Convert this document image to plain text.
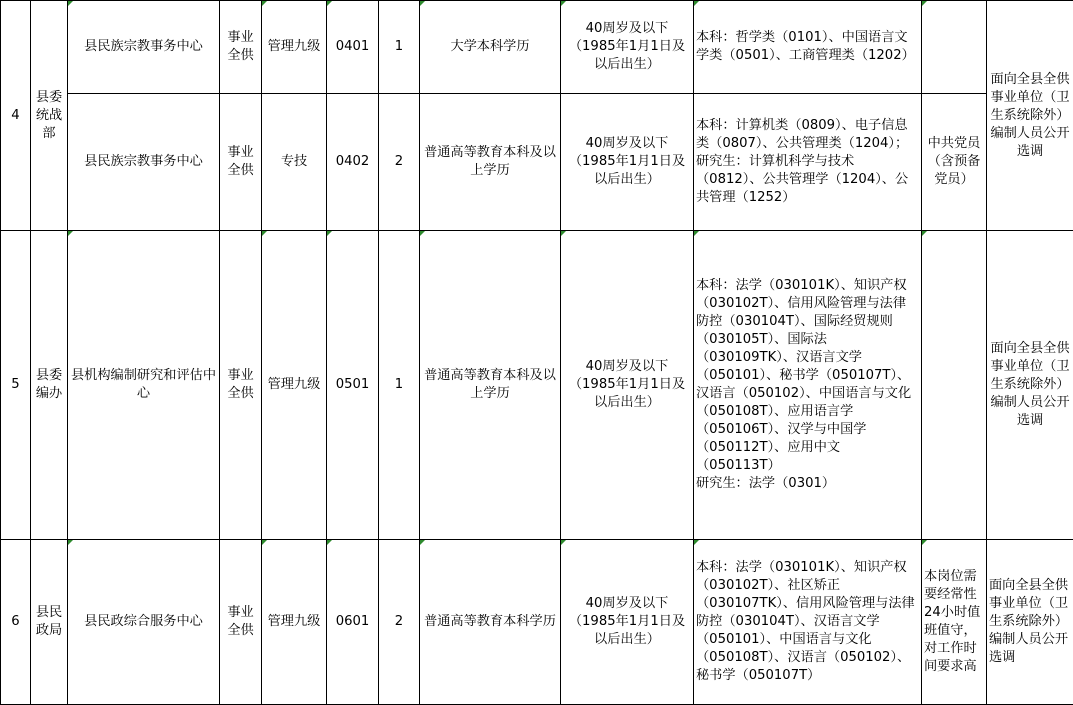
4	县委统战部	县民族宗教事务中心	事业全供	管理九级	0401	1	大学本科学历	40周岁及以下（1985年1月1日及以后出生）	本科：哲学类（0101）、中国语言文学类（0501）、工商管理类（1202）		面向全县全供事业单位（卫生系统除外）编制人员公开选调
		县民族宗教事务中心	事业全供	专技	0402	2	普通高等教育本科及以上学历	40周岁及以下（1985年1月1日及以后出生）	本科：计算机类（0809）、电子信息类（0807）、公共管理类（1204）；
研究生：计算机科学与技术（0812）、公共管理学（1204）、公共管理（1252）	中共党员（含预备党员）	
5	县委编办	县机构编制研究和评估中心	事业全供	管理九级	0501	1	普通高等教育本科及以上学历	40周岁及以下（1985年1月1日及以后出生）	本科：法学（030101K）、知识产权（030102T）、信用风险管理与法律防控（030104T）、国际经贸规则（030105T）、国际法（030109TK）、汉语言文学（050101）、秘书学（050107T）、汉语言（050102）、中国语言与文化（050108T）、应用语言学（050106T）、汉学与中国学（050112T）、应用中文（050113T）
研究生：法学（0301）		面向全县全供事业单位（卫生系统除外）编制人员公开选调
6	县民政局	县民政综合服务中心	事业全供	管理九级	0601	2	普通高等教育本科学历	40周岁及以下（1985年1月1日及以后出生）	本科：法学（030101K）、知识产权（030102T）、社区矫正（030107TK）、信用风险管理与法律防控（030104T）、汉语言文学（050101）、中国语言与文化（050108T）、汉语言（050102）、秘书学（050107T）	本岗位需要经常性24小时值班值守，对工作时间要求高	面向全县全供事业单位（卫生系统除外）编制人员公开选调
